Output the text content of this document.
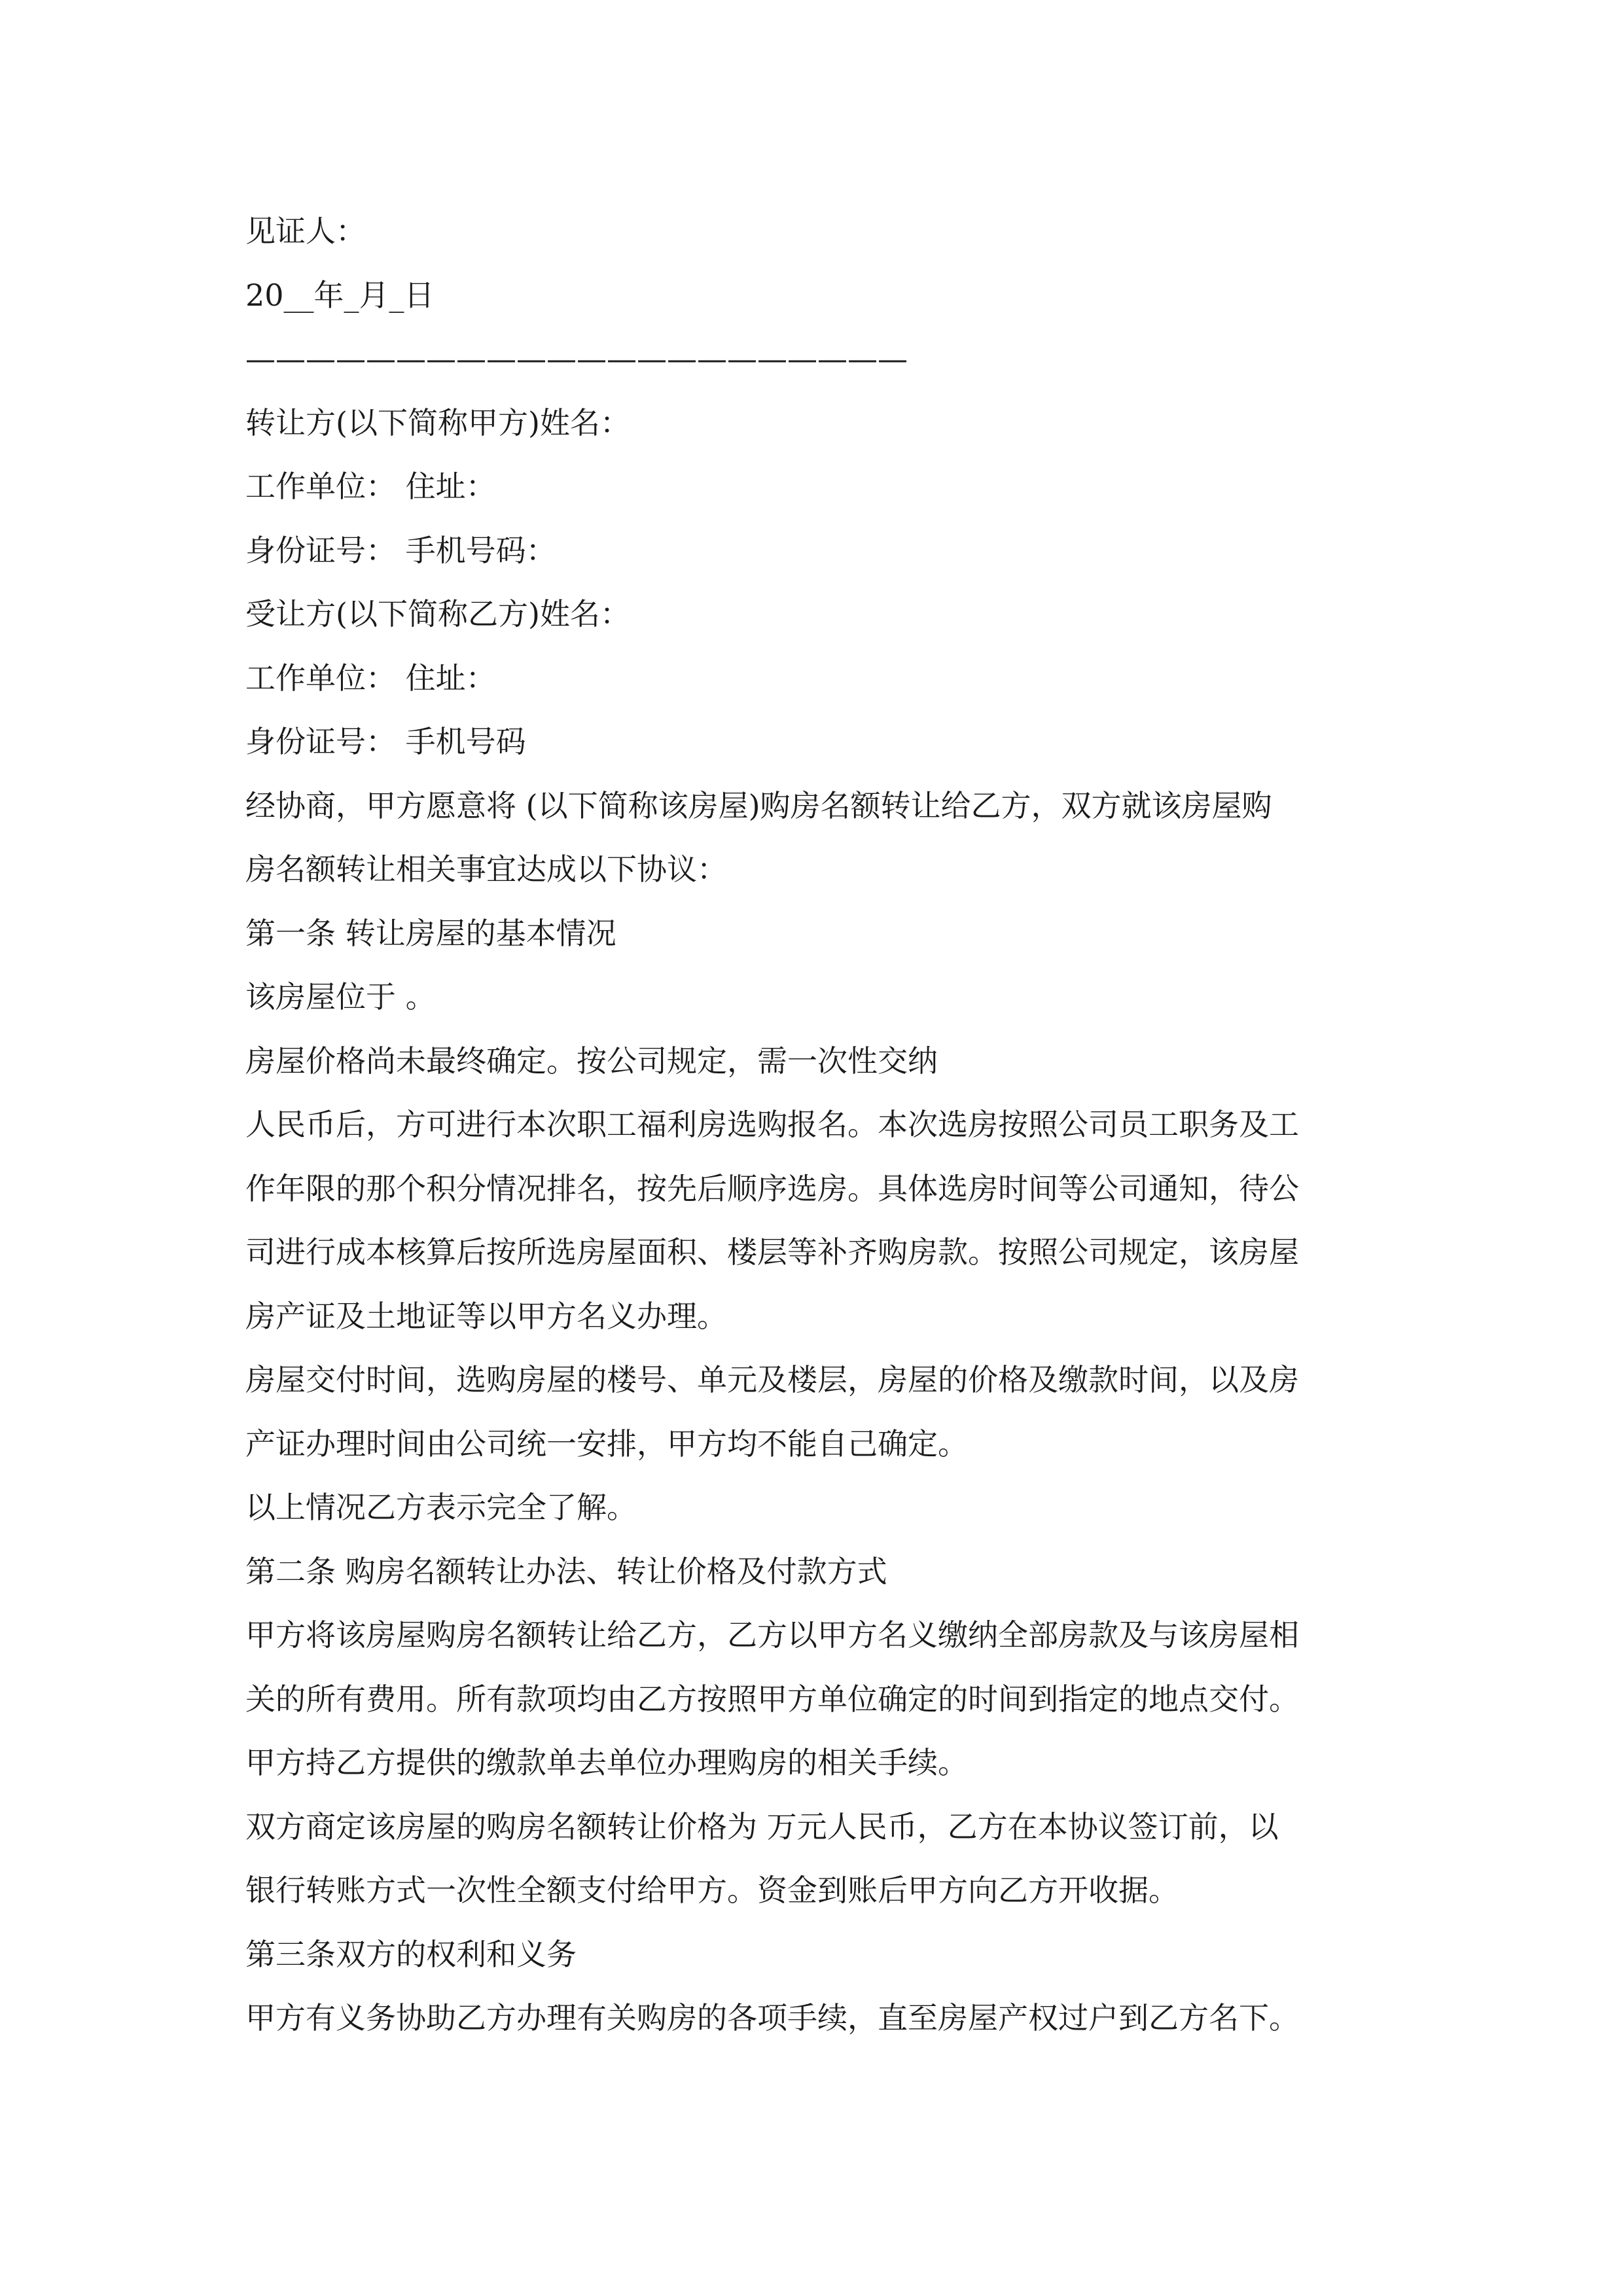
见证人：
20__年_月_日
——————————————————————
转让方(以下简称甲方)姓名：
工作单位： 住址：
身份证号： 手机号码：
受让方(以下简称乙方)姓名：
工作单位： 住址：
身份证号： 手机号码
经协商，甲方愿意将 (以下简称该房屋)购房名额转让给乙方，双方就该房屋购
房名额转让相关事宜达成以下协议：
第一条 转让房屋的基本情况
该房屋位于 。
房屋价格尚未最终确定。按公司规定，需一次性交纳
人民币后，方可进行本次职工福利房选购报名。本次选房按照公司员工职务及工
作年限的那个积分情况排名，按先后顺序选房。具体选房时间等公司通知，待公
司进行成本核算后按所选房屋面积、楼层等补齐购房款。按照公司规定，该房屋
房产证及土地证等以甲方名义办理。
房屋交付时间，选购房屋的楼号、单元及楼层，房屋的价格及缴款时间，以及房
产证办理时间由公司统一安排，甲方均不能自己确定。
以上情况乙方表示完全了解。
第二条 购房名额转让办法、转让价格及付款方式
甲方将该房屋购房名额转让给乙方，乙方以甲方名义缴纳全部房款及与该房屋相
关的所有费用。所有款项均由乙方按照甲方单位确定的时间到指定的地点交付。
甲方持乙方提供的缴款单去单位办理购房的相关手续。
双方商定该房屋的购房名额转让价格为 万元人民币，乙方在本协议签订前，以
银行转账方式一次性全额支付给甲方。资金到账后甲方向乙方开收据。
第三条双方的权利和义务
甲方有义务协助乙方办理有关购房的各项手续，直至房屋产权过户到乙方名下。
